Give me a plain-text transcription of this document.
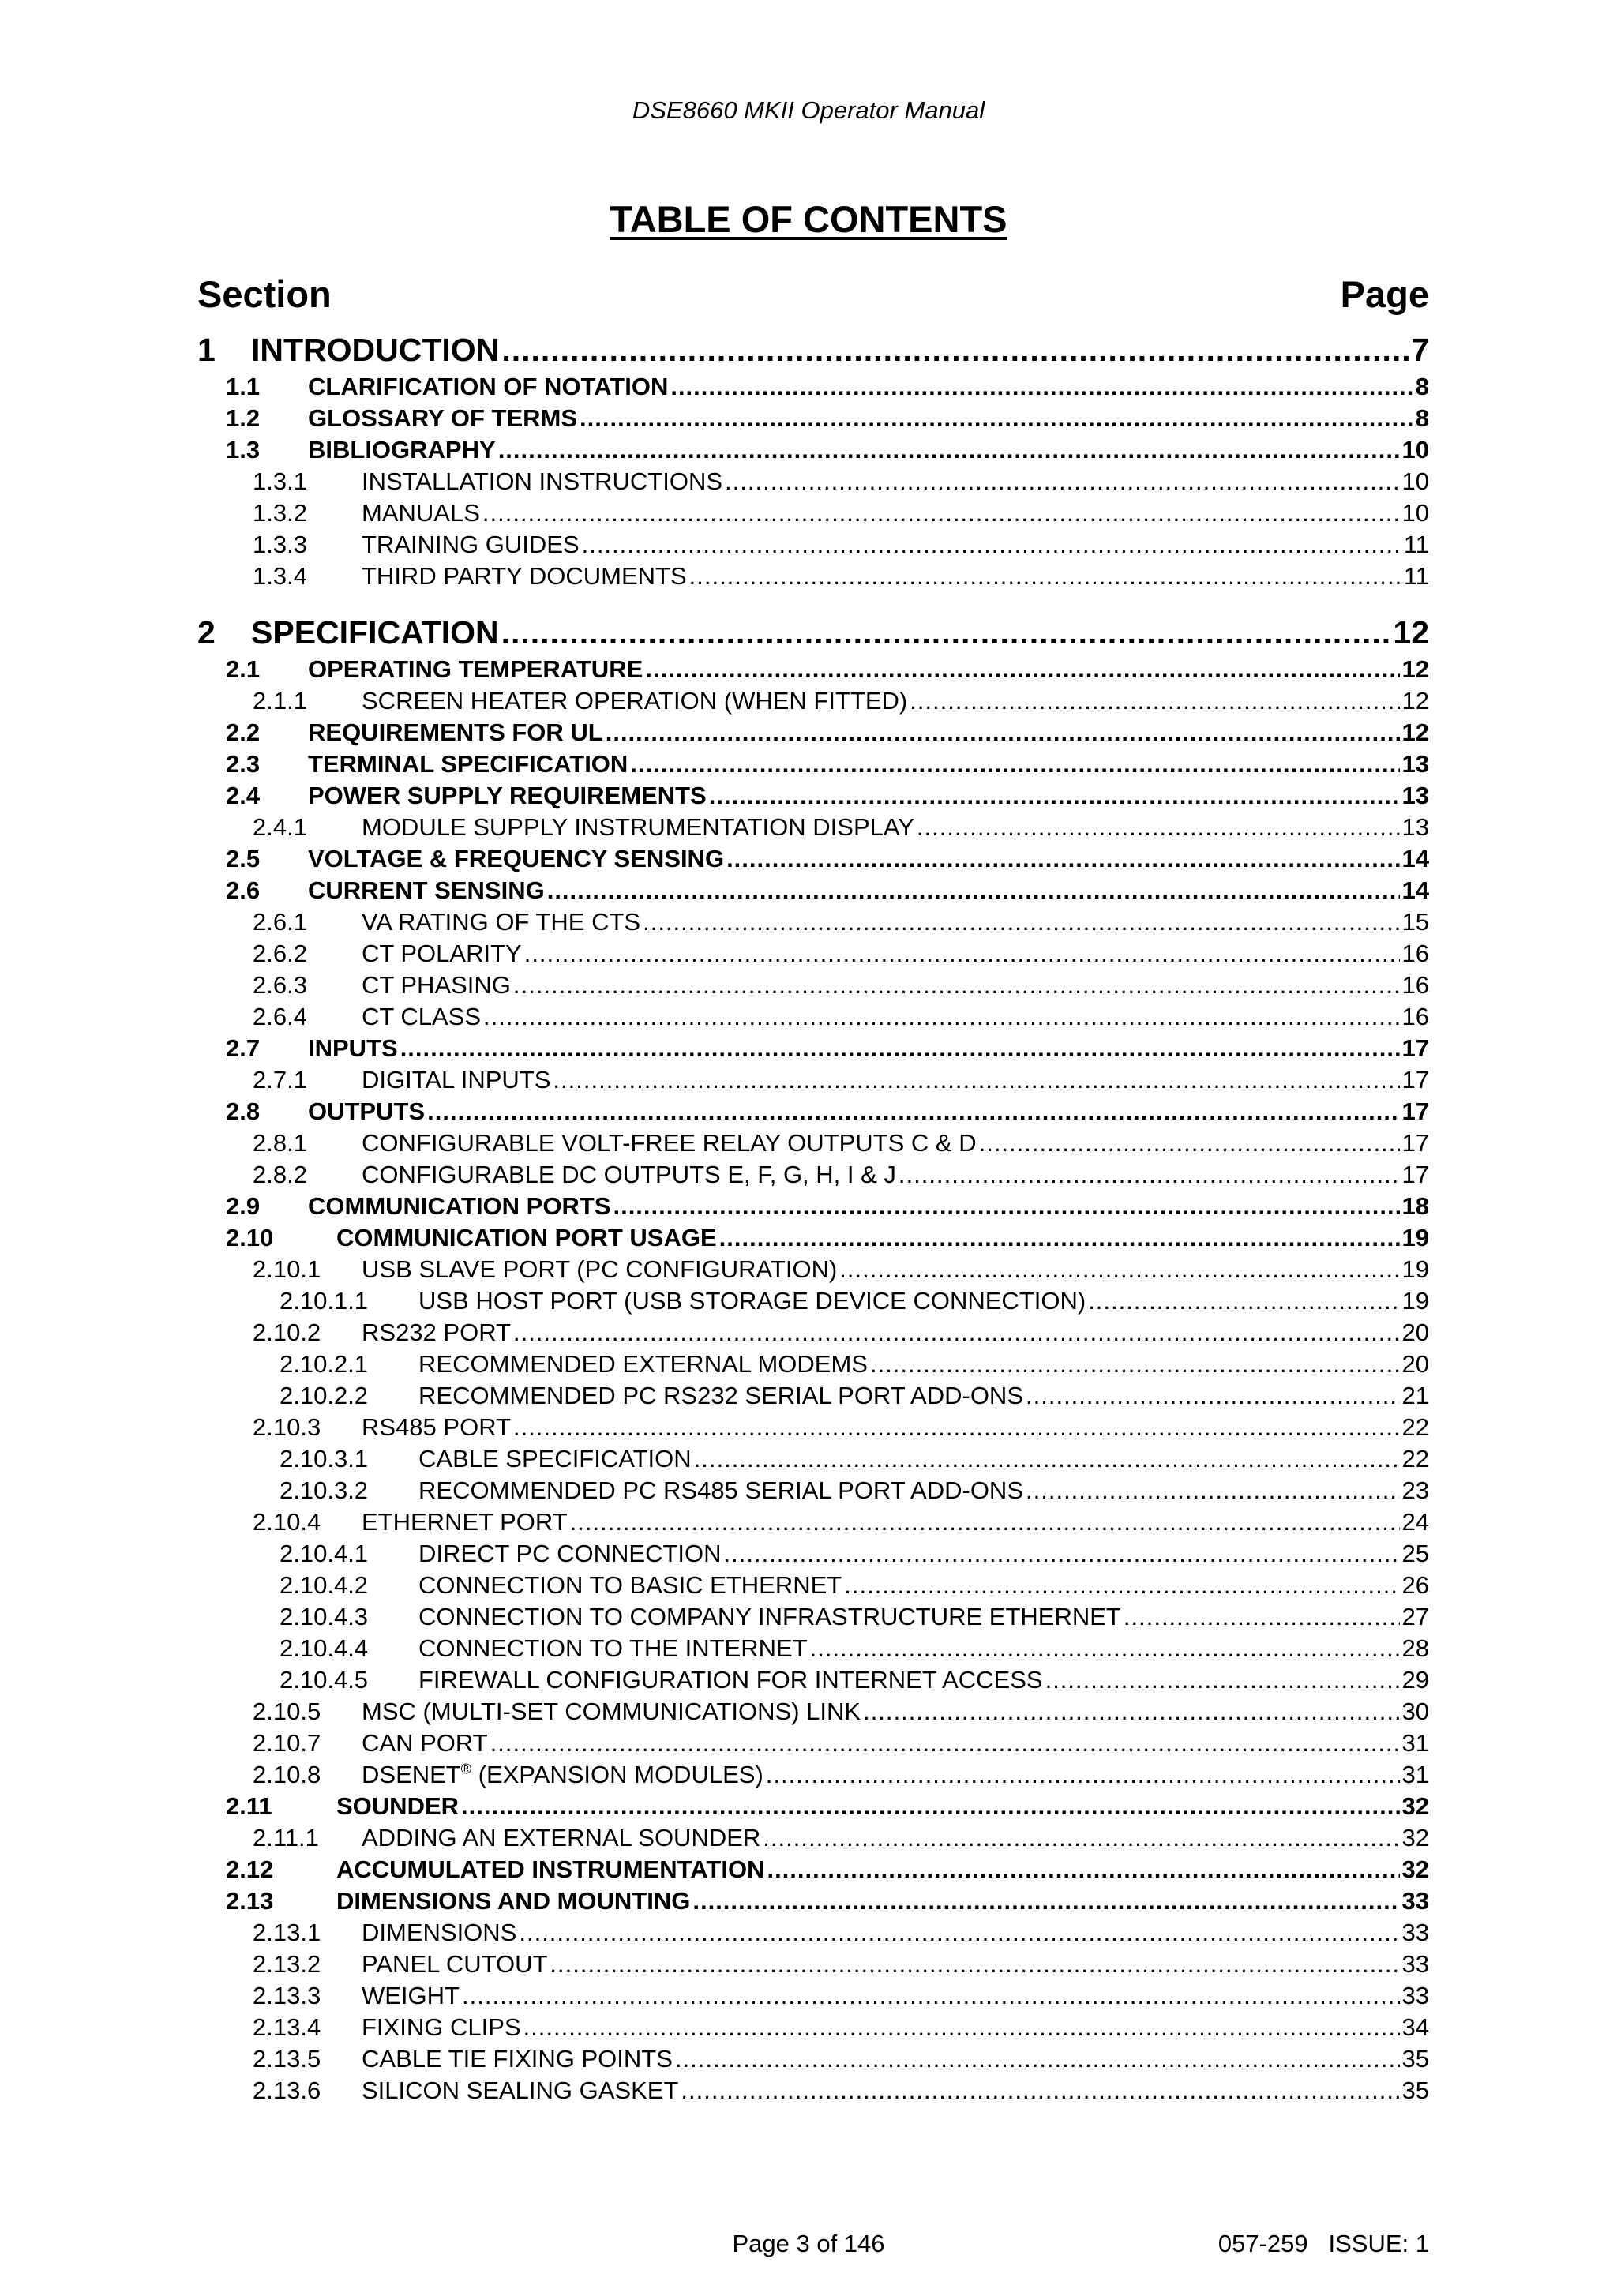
DSE8660 MKII Operator Manual
TABLE OF CONTENTS
Section	Page
1	INTRODUCTION .....	7
1.1	CLARIFICATION OF NOTATION .....	8
1.2	GLOSSARY OF TERMS .....	8
1.3	BIBLIOGRAPHY .....	10
1.3.1	INSTALLATION INSTRUCTIONS .....	10
1.3.2	MANUALS .....	10
1.3.3	TRAINING GUIDES .....	11
1.3.4	THIRD PARTY DOCUMENTS .....	11
2	SPECIFICATION .....	12
2.1	OPERATING TEMPERATURE .....	12
2.1.1	SCREEN HEATER OPERATION (WHEN FITTED) .....	12
2.2	REQUIREMENTS FOR UL .....	12
2.3	TERMINAL SPECIFICATION .....	13
2.4	POWER SUPPLY REQUIREMENTS .....	13
2.4.1	MODULE SUPPLY INSTRUMENTATION DISPLAY .....	13
2.5	VOLTAGE & FREQUENCY SENSING .....	14
2.6	CURRENT SENSING .....	14
2.6.1	VA RATING OF THE CTS .....	15
2.6.2	CT POLARITY .....	16
2.6.3	CT PHASING .....	16
2.6.4	CT CLASS .....	16
2.7	INPUTS .....	17
2.7.1	DIGITAL INPUTS .....	17
2.8	OUTPUTS .....	17
2.8.1	CONFIGURABLE VOLT-FREE RELAY OUTPUTS C & D .....	17
2.8.2	CONFIGURABLE DC OUTPUTS E, F, G, H, I & J .....	17
2.9	COMMUNICATION PORTS .....	18
2.10	COMMUNICATION PORT USAGE .....	19
2.10.1	USB SLAVE PORT (PC CONFIGURATION) .....	19
2.10.1.1	USB HOST PORT (USB STORAGE DEVICE CONNECTION) .....	19
2.10.2	RS232 PORT .....	20
2.10.2.1	RECOMMENDED EXTERNAL MODEMS .....	20
2.10.2.2	RECOMMENDED PC RS232 SERIAL PORT ADD-ONS .....	21
2.10.3	RS485 PORT .....	22
2.10.3.1	CABLE SPECIFICATION .....	22
2.10.3.2	RECOMMENDED PC RS485 SERIAL PORT ADD-ONS .....	23
2.10.4	ETHERNET PORT .....	24
2.10.4.1	DIRECT PC CONNECTION .....	25
2.10.4.2	CONNECTION TO BASIC ETHERNET .....	26
2.10.4.3	CONNECTION TO COMPANY INFRASTRUCTURE ETHERNET .....	27
2.10.4.4	CONNECTION TO THE INTERNET .....	28
2.10.4.5	FIREWALL CONFIGURATION FOR INTERNET ACCESS .....	29
2.10.5	MSC (MULTI-SET COMMUNICATIONS) LINK .....	30
2.10.7	CAN PORT .....	31
2.10.8	DSENET® (EXPANSION MODULES) .....	31
2.11	SOUNDER .....	32
2.11.1	ADDING AN EXTERNAL SOUNDER .....	32
2.12	ACCUMULATED INSTRUMENTATION .....	32
2.13	DIMENSIONS AND MOUNTING .....	33
2.13.1	DIMENSIONS .....	33
2.13.2	PANEL CUTOUT .....	33
2.13.3	WEIGHT .....	33
2.13.4	FIXING CLIPS .....	34
2.13.5	CABLE TIE FIXING POINTS .....	35
2.13.6	SILICON SEALING GASKET .....	35
Page 3 of 146	057-259   ISSUE: 1
